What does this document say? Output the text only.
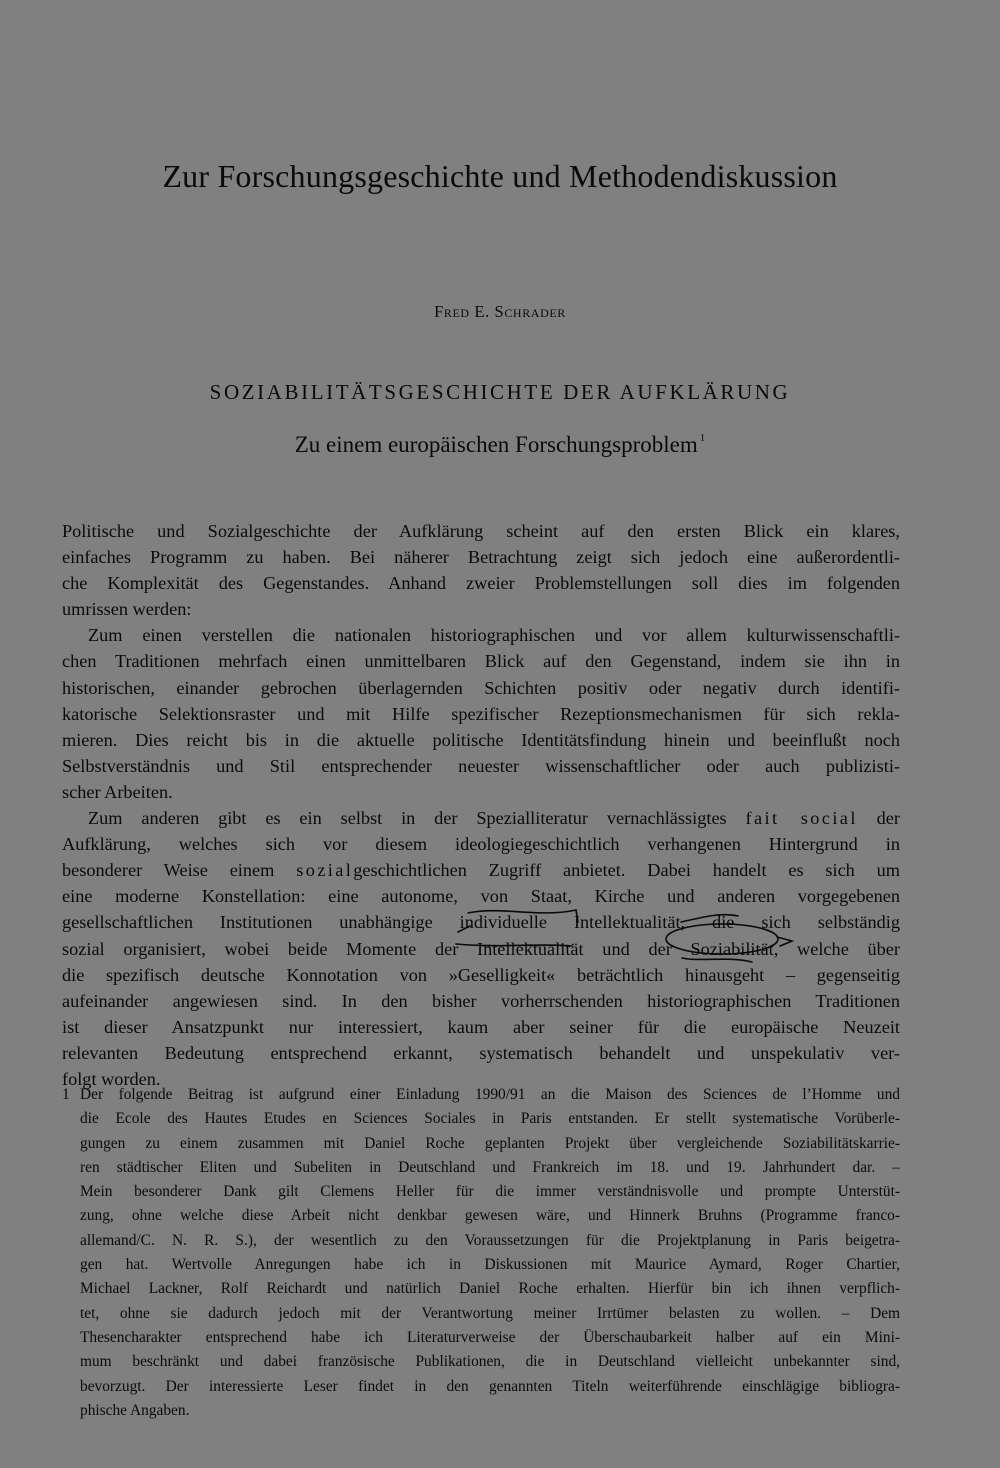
Zur Forschungsgeschichte und Methodendiskussion

Fred E. Schrader

SOZIABILITÄTSGESCHICHTE DER AUFKLÄRUNG

Zu einem europäischen Forschungsproblem $^1$

Politische und Sozialgeschichte der Aufklärung scheint auf den ersten Blick ein klares,
einfaches Programm zu haben. Bei näherer Betrachtung zeigt sich jedoch eine außerordentli-
che Komplexität des Gegenstandes. Anhand zweier Problemstellungen soll dies im folgenden
umrissen werden:
Zum einen verstellen die nationalen historiographischen und vor allem kulturwissenschaftli-
chen Traditionen mehrfach einen unmittelbaren Blick auf den Gegenstand, indem sie ihn in
historischen, einander gebrochen überlagernden Schichten positiv oder negativ durch identifi-
katorische Selektionsraster und mit Hilfe spezifischer Rezeptionsmechanismen für sich rekla-
mieren. Dies reicht bis in die aktuelle politische Identitätsfindung hinein und beeinflußt noch
Selbstverständnis und Stil entsprechender neuester wissenschaftlicher oder auch publizisti-
scher Arbeiten.
Zum anderen gibt es ein selbst in der Spezialliteratur vernachlässigtes fait social der
Aufklärung, welches sich vor diesem ideologiegeschichtlich verhangenen Hintergrund in
besonderer Weise einem sozialgeschichtlichen Zugriff anbietet. Dabei handelt es sich um
eine moderne Konstellation: eine autonome, von Staat, Kirche und anderen vorgegebenen
gesellschaftlichen Institutionen unabhängige individuelle Intellektualität, die sich selbständig
sozial organisiert, wobei beide Momente der Intellektualität und der Soziabilität, welche über
die spezifisch deutsche Konnotation von »Geselligkeit« beträchtlich hinausgeht – gegenseitig
aufeinander angewiesen sind. In den bisher vorherrschenden historiographischen Traditionen
ist dieser Ansatzpunkt nur interessiert, kaum aber seiner für die europäische Neuzeit
relevanten Bedeutung entsprechend erkannt, systematisch behandelt und unspekulativ ver-
folgt worden.
1 Der folgende Beitrag ist aufgrund einer Einladung 1990/91 an die Maison des Sciences de l’Homme und
die Ecole des Hautes Etudes en Sciences Sociales in Paris entstanden. Er stellt systematische Vorüberle-
gungen zu einem zusammen mit Daniel Roche geplanten Projekt über vergleichende Soziabilitätskarrie-
ren städtischer Eliten und Subeliten in Deutschland und Frankreich im 18. und 19. Jahrhundert dar. –
Mein besonderer Dank gilt Clemens Heller für die immer verständnisvolle und prompte Unterstüt-
zung, ohne welche diese Arbeit nicht denkbar gewesen wäre, und Hinnerk Bruhns (Programme franco-
allemand/C. N. R. S.), der wesentlich zu den Voraussetzungen für die Projektplanung in Paris beigetra-
gen hat. Wertvolle Anregungen habe ich in Diskussionen mit Maurice Aymard, Roger Chartier,
Michael Lackner, Rolf Reichardt und natürlich Daniel Roche erhalten. Hierfür bin ich ihnen verpflich-
tet, ohne sie dadurch jedoch mit der Verantwortung meiner Irrtümer belasten zu wollen. – Dem
Thesencharakter entsprechend habe ich Literaturverweise der Überschaubarkeit halber auf ein Mini-
mum beschränkt und dabei französische Publikationen, die in Deutschland vielleicht unbekannter sind,
bevorzugt. Der interessierte Leser findet in den genannten Titeln weiterführende einschlägige bibliogra-
phische Angaben.
